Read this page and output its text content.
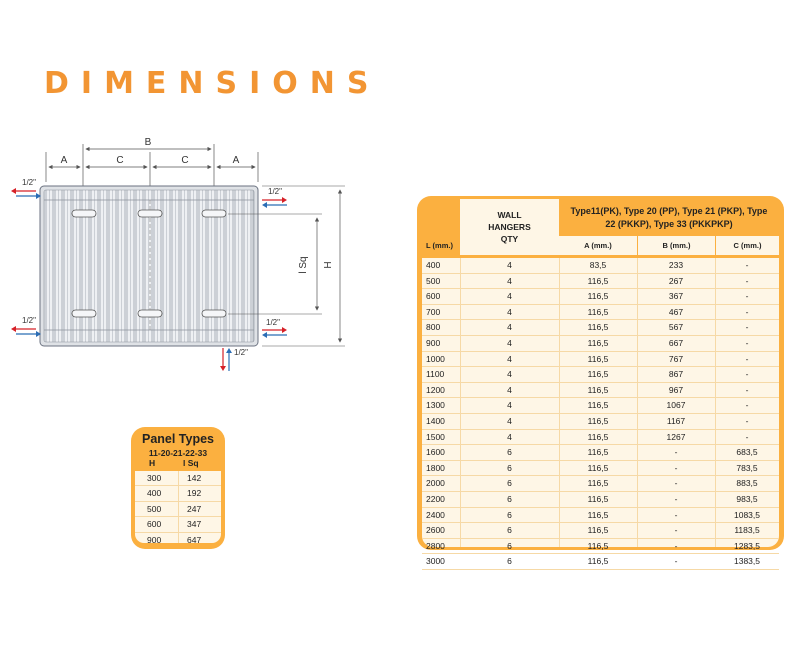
DIMENSIONS
B
A	C	C	A
l Sq H
1/2"
1/2"
1/2"	1/2"
1/2"
Panel Types
11-20-21-22-33
H	l Sq
300	142
400	192
500	247
600	347
900	647
L (mm.)
WALL HANGERS QTY
Type11(PK), Type 20 (PP), Type 21 (PKP), Type 22 (PKKP), Type 33 (PKKPKP)
A (mm.)	B (mm.)	C (mm.)
400	4	83,5	233	-
500	4	116,5	267	-
600	4	116,5	367	-
700	4	116,5	467	-
800	4	116,5	567	-
900	4	116,5	667	-
1000	4	116,5	767	-
1100	4	116,5	867	-
1200	4	116,5	967	-
1300	4	116,5	1067	-
1400	4	116,5	1167	-
1500	4	116,5	1267	-
1600	6	116,5	-	683,5
1800	6	116,5	-	783,5
2000	6	116,5	-	883,5
2200	6	116,5	-	983,5
2400	6	116,5	-	1083,5
2600	6	116,5	-	1183,5
2800	6	116,5	-	1283,5
3000	6	116,5	-	1383,5
